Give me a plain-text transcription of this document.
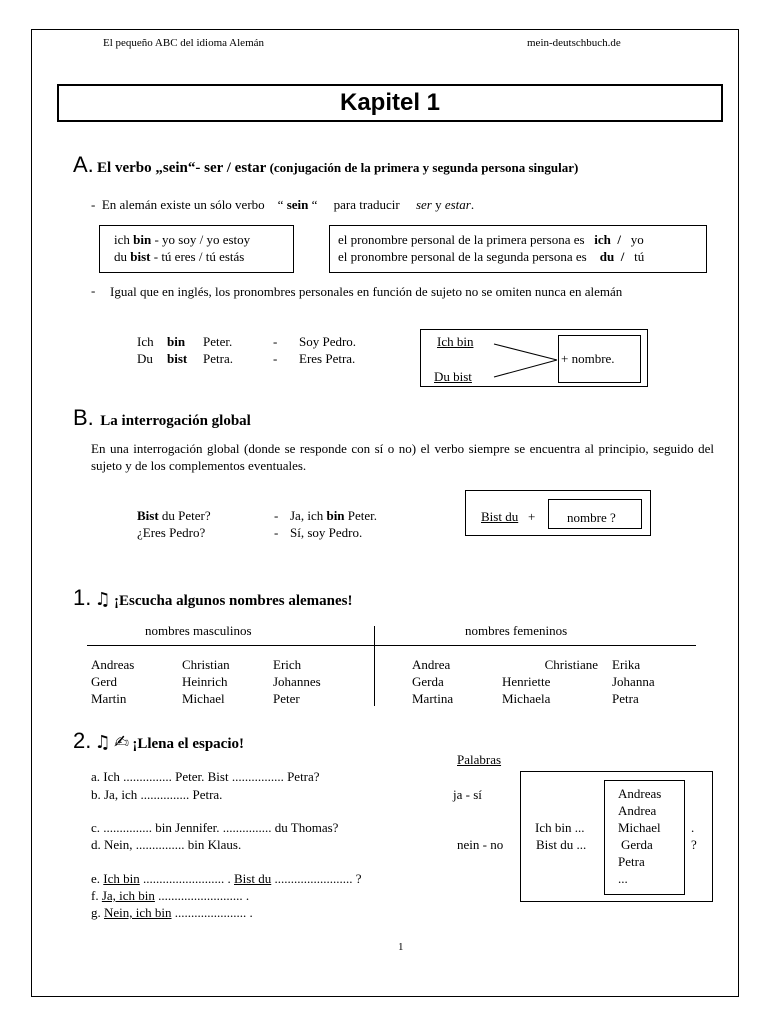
El pequeño ABC del idioma Alemán	mein-deutschbuch.de
Kapitel 1
A. El verbo „sein“- ser / estar (conjugación de la primera y segunda persona singular)
- En alemán existe un sólo verbo “ sein “ para traducir ser y estar.
ich bin - yo soy / yo estoy
du bist - tú eres / tú estás
el pronombre personal de la primera persona es ich / yo
el pronombre personal de la segunda persona es du / tú
- Igual que en inglés, los pronombres personales en función de sujeto no se omiten nunca en alemán
Ich bin Peter.	- Soy Pedro.
Du bist Petra.	- Eres Petra.
Ich bin
Du bist
+ nombre.
B. La interrogación global
En una interrogación global (donde se responde con sí o no) el verbo siempre se encuentra al principio, seguido del sujeto y de los complementos eventuales.
Bist du Peter?	- Ja, ich bin Peter.
¿Eres Pedro?	- Sí, soy Pedro.
Bist du + nombre ?
1. ♫ ¡Escucha algunos nombres alemanes!
nombres masculinos	nombres femeninos
Andreas	Christian	Erich
Gerd	Heinrich	Johannes
Martin	Michael	Peter
Andrea	Christiane	Erika
Gerda	Henriette	Johanna
Martina	Michaela	Petra
2. ♫ ✍ ¡Llena el espacio!
Palabras
a. Ich ............... Peter. Bist ................ Petra?
b. Ja, ich ............... Petra.
c. ............... bin Jennifer. ............... du Thomas?
d. Nein, ............... bin Klaus.
e. Ich bin ......................... . Bist du ........................ ?
f. Ja, ich bin .......................... .
g. Nein, ich bin ...................... .
ja - sí
nein - no
Ich bin ...
Bist du ...
Andreas
Andrea
Michael
Gerda
Petra
...
.
?
1
